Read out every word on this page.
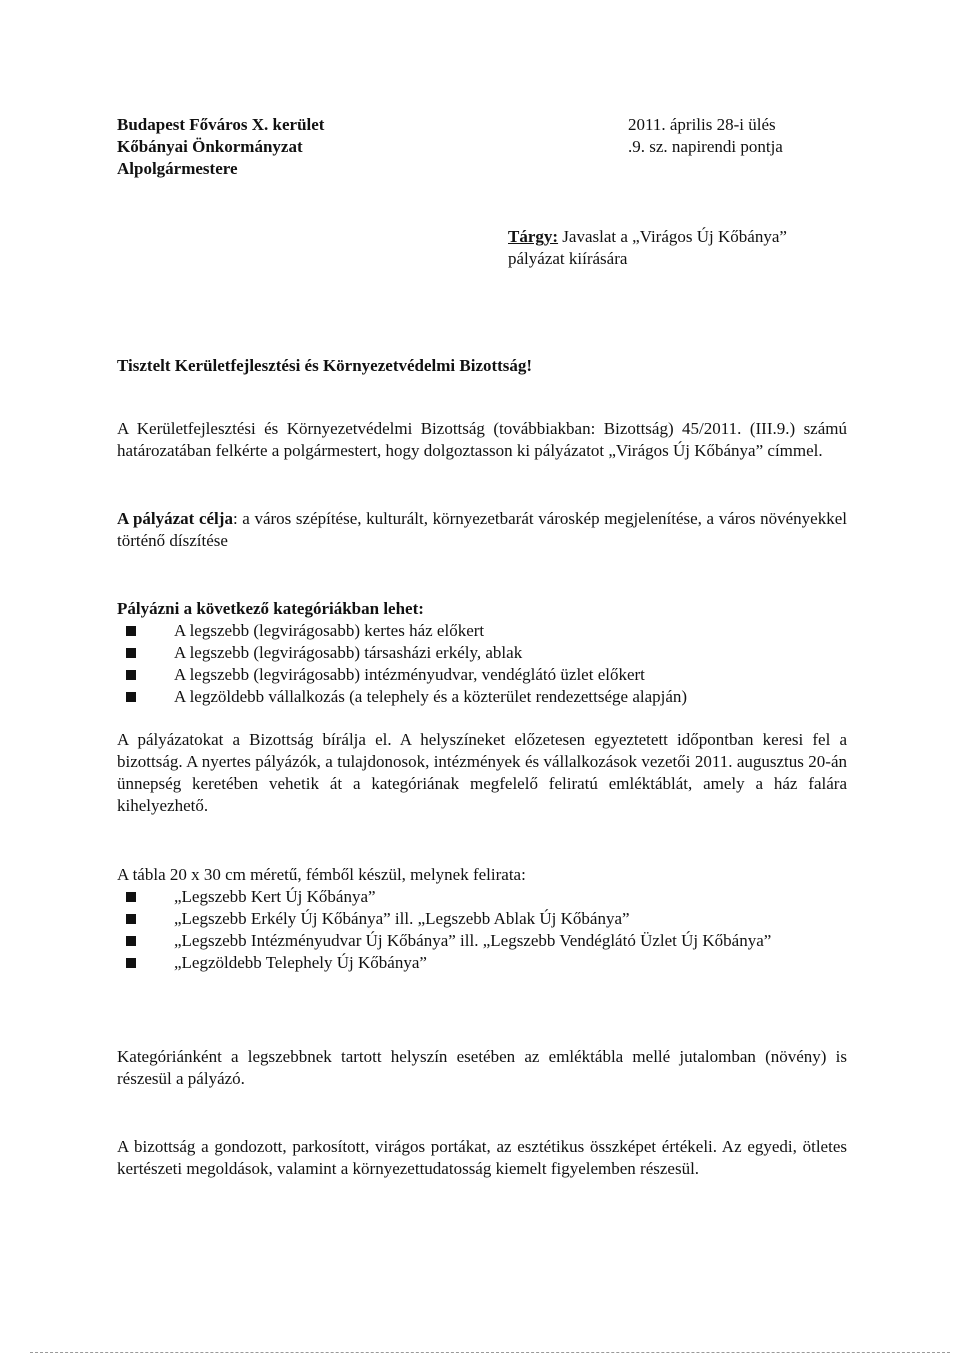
Budapest Főváros X. kerület
Kőbányai Önkormányzat
Alpolgármestere
2011. április 28-i ülés
.9. sz. napirendi pontja
Tárgy: Javaslat a „Virágos Új Kőbánya”
pályázat kiírására
Tisztelt Kerületfejlesztési és Környezetvédelmi Bizottság!
A Kerületfejlesztési és Környezetvédelmi Bizottság (továbbiakban: Bizottság) 45/2011. (III.9.) számú határozatában felkérte a polgármestert, hogy dolgoztasson ki pályázatot „Virágos Új Kőbánya” címmel.
A pályázat célja: a város szépítése, kulturált, környezetbarát városkép megjelenítése, a város növényekkel történő díszítése
Pályázni a következő kategóriákban lehet:
A legszebb (legvirágosabb) kertes ház előkert
A legszebb (legvirágosabb) társasházi erkély, ablak
A legszebb (legvirágosabb) intézményudvar, vendéglátó üzlet előkert
A legzöldebb vállalkozás (a telephely és a közterület rendezettsége alapján)
A pályázatokat a Bizottság bírálja el. A helyszíneket előzetesen egyeztetett időpontban keresi fel a bizottság. A nyertes pályázók, a tulajdonosok, intézmények és vállalkozások vezetői 2011. augusztus 20-án ünnepség keretében vehetik át a kategóriának megfelelő feliratú emléktáblát, amely a ház falára kihelyezhető.
A tábla 20 x 30 cm méretű, fémből készül, melynek felirata:
„Legszebb Kert Új Kőbánya”
„Legszebb Erkély Új Kőbánya” ill. „Legszebb Ablak Új Kőbánya”
„Legszebb Intézményudvar Új Kőbánya” ill. „Legszebb Vendéglátó Üzlet Új Kőbánya”
„Legzöldebb Telephely Új Kőbánya”
Kategóriánként a legszebbnek tartott helyszín esetében az emléktábla mellé jutalomban (növény) is részesül a pályázó.
A bizottság a gondozott, parkosított, virágos portákat, az esztétikus összképet értékeli. Az egyedi, ötletes kertészeti megoldások, valamint a környezettudatosság kiemelt figyelemben részesül.
